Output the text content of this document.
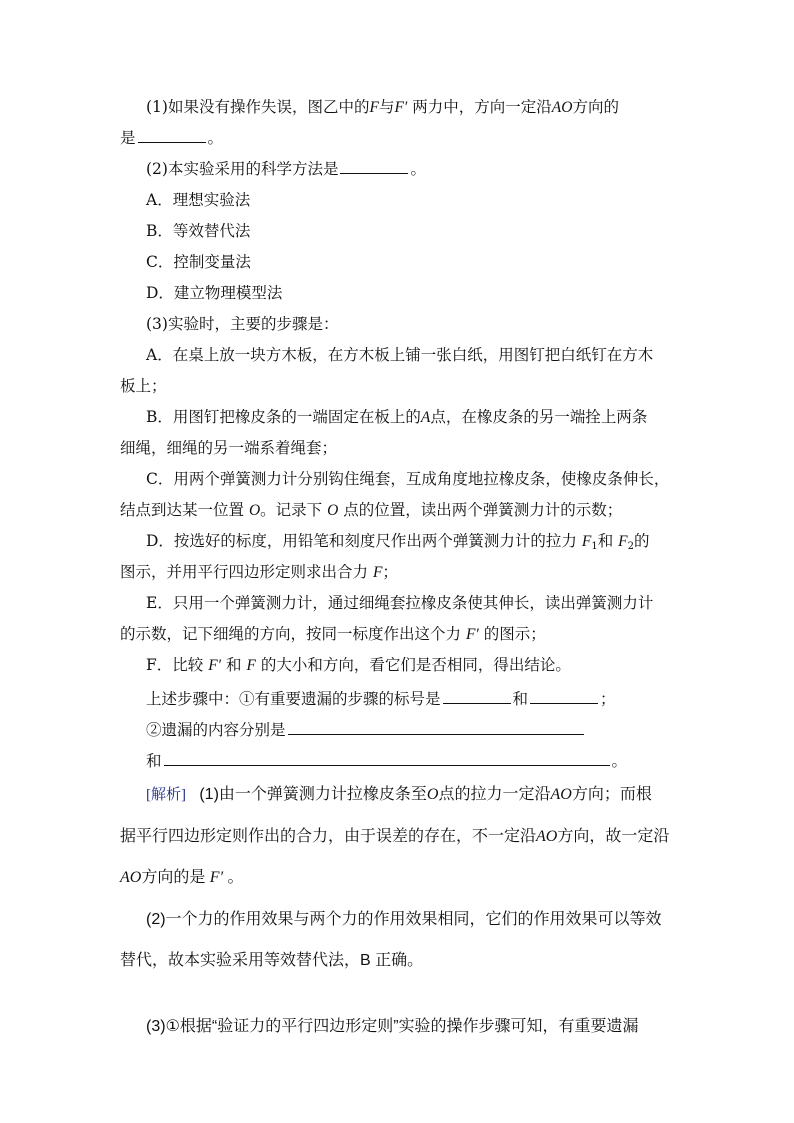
(1)如果没有操作失误，图乙中的F与F′ 两力中，方向一定沿AO方向的
是	。
(2)本实验采用的科学方法是	。
A．理想实验法
B．等效替代法
C．控制变量法
D．建立物理模型法
(3)实验时，主要的步骤是：
A．在桌上放一块方木板，在方木板上铺一张白纸，用图钉把白纸钉在方木
板上；
B．用图钉把橡皮条的一端固定在板上的A点，在橡皮条的另一端拴上两条
细绳，细绳的另一端系着绳套；
C．用两个弹簧测力计分别钩住绳套，互成角度地拉橡皮条，使橡皮条伸长，
结点到达某一位置 O。记录下 O 点的位置，读出两个弹簧测力计的示数；
D．按选好的标度，用铅笔和刻度尺作出两个弹簧测力计的拉力 $F_1$和 $F_2$的
图示，并用平行四边形定则求出合力 F；
E．只用一个弹簧测力计，通过细绳套拉橡皮条使其伸长，读出弹簧测力计
的示数，记下细绳的方向，按同一标度作出这个力 F′ 的图示；
F．比较 F′ 和 F 的大小和方向，看它们是否相同，得出结论。
上述步骤中：①有重要遗漏的步骤的标号是	和	；
②遗漏的内容分别是
和	。
[解析] (1)由一个弹簧测力计拉橡皮条至O点的拉力一定沿AO方向；而根
据平行四边形定则作出的合力，由于误差的存在，不一定沿AO方向，故一定沿
AO方向的是 F′ 。
(2)一个力的作用效果与两个力的作用效果相同，它们的作用效果可以等效
替代，故本实验采用等效替代法，B 正确。
(3)①根据“验证力的平行四边形定则”实验的操作步骤可知，有重要遗漏
